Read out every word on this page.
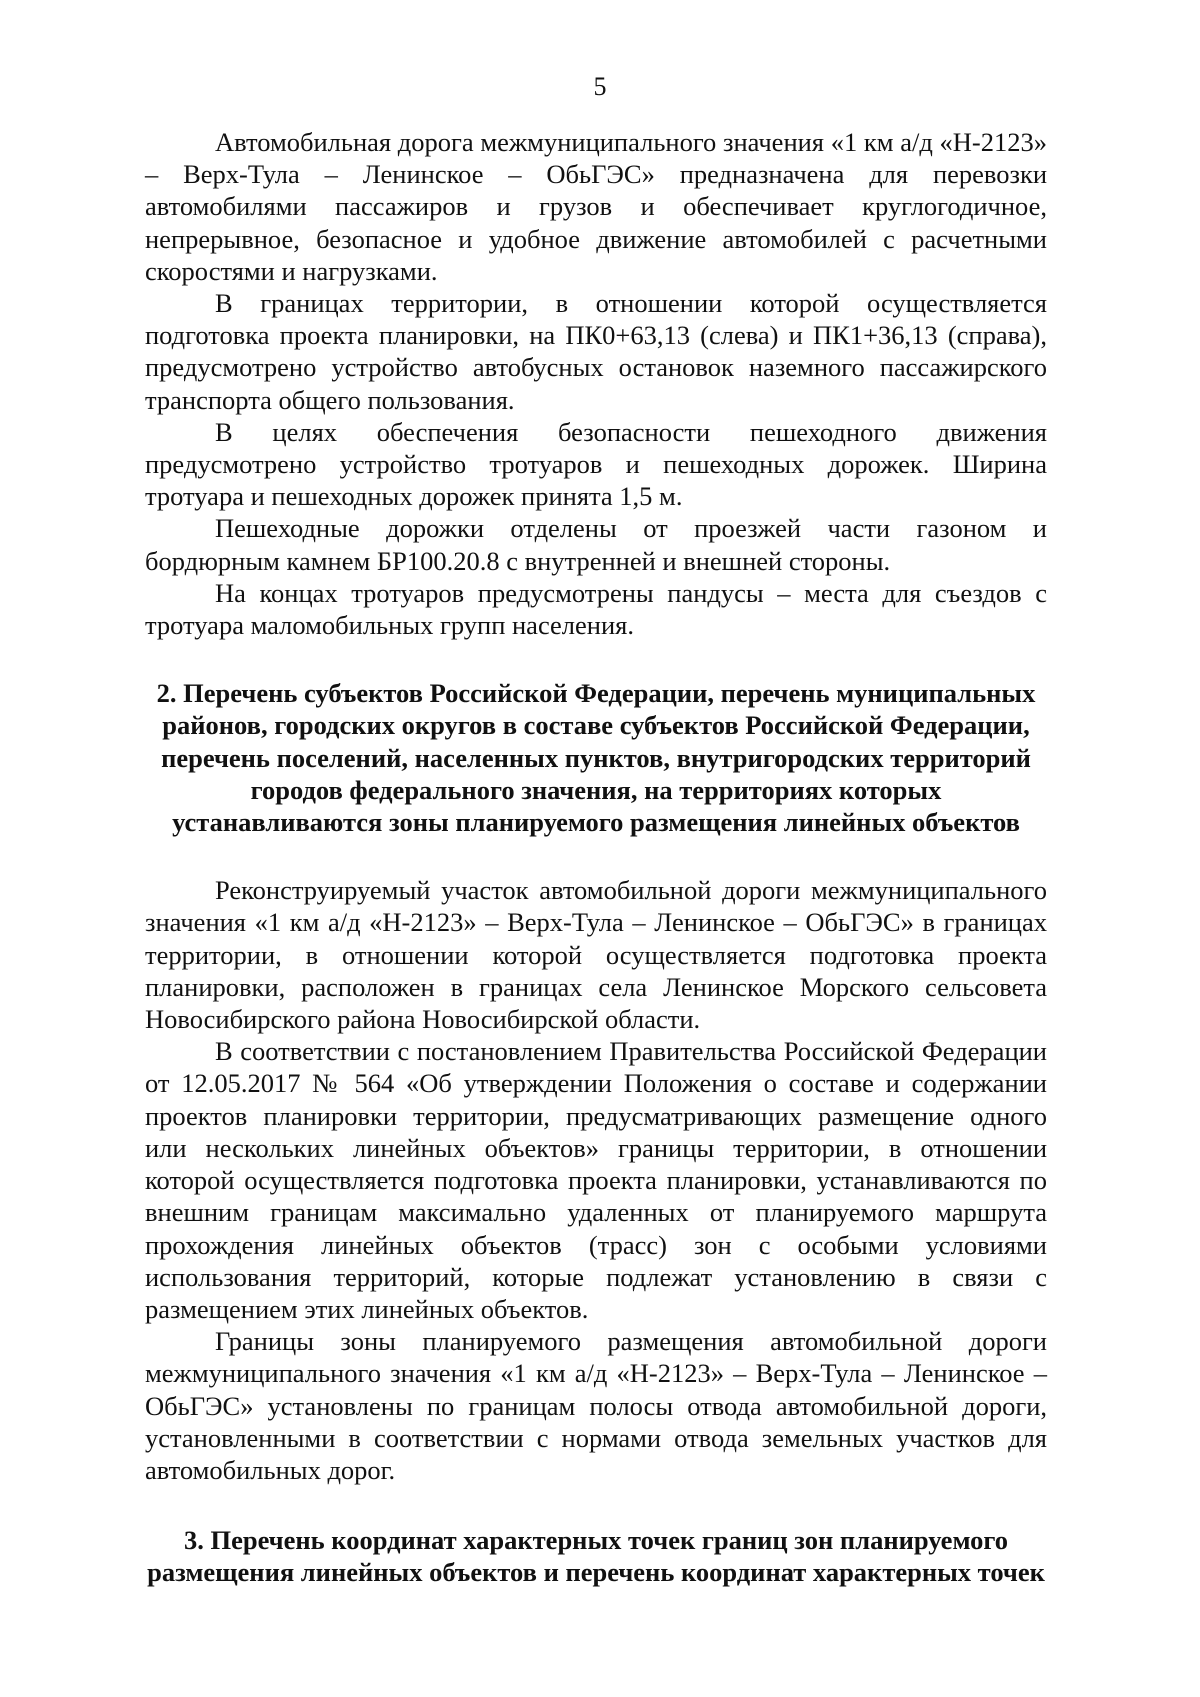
5

Автомобильная дорога межмуниципального значения «1 км а/д «Н-2123» – Верх-Тула – Ленинское – ОбьГЭС» предназначена для перевозки автомобилями пассажиров и грузов и обеспечивает круглогодичное, непрерывное, безопасное и удобное движение автомобилей с расчетными скоростями и нагрузками.

В границах территории, в отношении которой осуществляется подготовка проекта планировки, на ПК0+63,13 (слева) и ПК1+36,13 (справа), предусмотрено устройство автобусных остановок наземного пассажирского транспорта общего пользования.

В целях обеспечения безопасности пешеходного движения предусмотрено устройство тротуаров и пешеходных дорожек. Ширина тротуара и пешеходных дорожек принята 1,5 м.

Пешеходные дорожки отделены от проезжей части газоном и бордюрным камнем БР100.20.8 с внутренней и внешней стороны.

На концах тротуаров предусмотрены пандусы – места для съездов с тротуара маломобильных групп населения.

2. Перечень субъектов Российской Федерации, перечень муниципальных районов, городских округов в составе субъектов Российской Федерации, перечень поселений, населенных пунктов, внутригородских территорий городов федерального значения, на территориях которых устанавливаются зоны планируемого размещения линейных объектов

Реконструируемый участок автомобильной дороги межмуниципального значения «1 км а/д «Н-2123» – Верх-Тула – Ленинское – ОбьГЭС» в границах территории, в отношении которой осуществляется подготовка проекта планировки, расположен в границах села Ленинское Морского сельсовета Новосибирского района Новосибирской области.

В соответствии с постановлением Правительства Российской Федерации от 12.05.2017 № 564 «Об утверждении Положения о составе и содержании проектов планировки территории, предусматривающих размещение одного или нескольких линейных объектов» границы территории, в отношении которой осуществляется подготовка проекта планировки, устанавливаются по внешним границам максимально удаленных от планируемого маршрута прохождения линейных объектов (трасс) зон с особыми условиями использования территорий, которые подлежат установлению в связи с размещением этих линейных объектов.

Границы зоны планируемого размещения автомобильной дороги межмуниципального значения «1 км а/д «Н-2123» – Верх-Тула – Ленинское – ОбьГЭС» установлены по границам полосы отвода автомобильной дороги, установленными в соответствии с нормами отвода земельных участков для автомобильных дорог.

3. Перечень координат характерных точек границ зон планируемого размещения линейных объектов и перечень координат характерных точек
